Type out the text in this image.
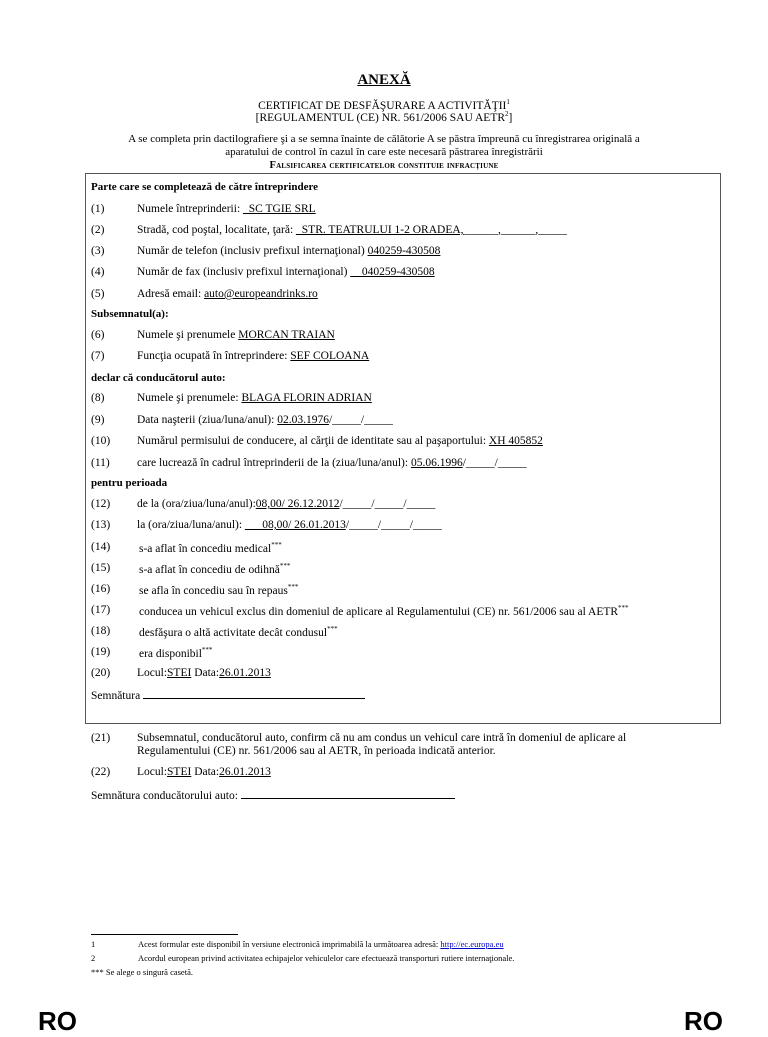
ANEXĂ
CERTIFICAT DE DESFĂŞURARE A ACTIVITĂŢII$^1$
[REGULAMENTUL (CE) NR. 561/2006 SAU AETR$^2$]
A se completa prin dactilografiere şi a se semna înainte de călătorie A se păstra împreună cu înregistrarea originală a
aparatului de control în cazul în care este necesară păstrarea înregistrării
Falsificarea certificatelor constituie infracţiune
Parte care se completează de către întreprindere
(1)	Numele întreprinderii: _SC TGIE SRL
(2)	Stradă, cod poştal, localitate, ţară: _STR. TEATRULUI 1-2 ORADEA,______,______,_____
(3)	Număr de telefon (inclusiv prefixul internaţional) 040259-430508
(4)	Număr de fax (inclusiv prefixul internaţional) __040259-430508
(5)	Adresă email: auto@europeandrinks.ro
Subsemnatul(a):
(6)	Numele şi prenumele MORCAN TRAIAN
(7)	Funcţia ocupată în întreprindere: SEF COLOANA
declar că conducătorul auto:
(8)	Numele şi prenumele: BLAGA FLORIN ADRIAN
(9)	Data naşterii (ziua/luna/anul): 02.03.1976/_____/_____
(10) Numărul permisului de conducere, al cărţii de identitate sau al paşaportului: XH 405852
(11) care lucrează în cadrul întreprinderii de la (ziua/luna/anul): 05.06.1996/_____/_____
pentru perioada
(12) de la (ora/ziua/luna/anul):08,00/ 26.12.2012/_____/_____/_____
(13) la (ora/ziua/luna/anul): ___08,00/ 26.01.2013/_____/_____/_____
(14)	s-a aflat în concediu medical***
(15)	s-a aflat în concediu de odihnă***
(16)	se afla în concediu sau în repaus***
(17)	conducea un vehicul exclus din domeniul de aplicare al Regulamentului (CE) nr. 561/2006 sau al AETR***
(18)	desfăşura o altă activitate decât condusul***
(19)	era disponibil***
(20) Locul:STEI Data:26.01.2013
Semnătura
(21) Subsemnatul, conducătorul auto, confirm că nu am condus un vehicul care intră în domeniul de aplicare al
Regulamentului (CE) nr. 561/2006 sau al AETR, în perioada indicată anterior.
(22) Locul:STEI Data:26.01.2013
Semnătura conducătorului auto:
1	Acest formular este disponibil în versiune electronică imprimabilă la următoarea adresă: http://ec.europa.eu
2	Acordul european privind activitatea echipajelor vehiculelor care efectuează transporturi rutiere internaţionale.
*** Se alege o singură casetă.
RO	RO
